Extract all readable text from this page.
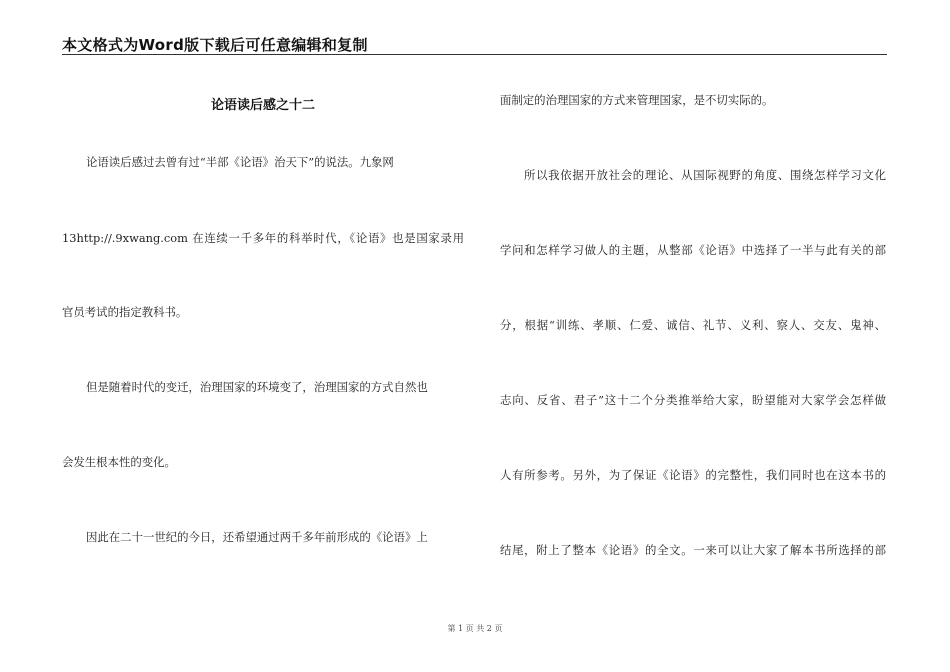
本文格式为Word版下载后可任意编辑和复制
论语读后感之十二
论语读后感过去曾有过“半部《论语》治天下”的说法。九象网
13http://.9xwang.com 在连续一千多年的科举时代，《论语》也是国家录用
官员考试的指定教科书。
但是随着时代的变迁，治理国家的环境变了，治理国家的方式自然也
会发生根本性的变化。
因此在二十一世纪的今日，还希望通过两千多年前形成的《论语》上
面制定的治理国家的方式来管理国家，是不切实际的。
所以我依据开放社会的理论、从国际视野的角度、围绕怎样学习文化
学问和怎样学习做人的主题，从整部《论语》中选择了一半与此有关的部
分，根据“训练、孝顺、仁爱、诚信、礼节、义利、察人、交友、鬼神、
志向、反省、君子”这十二个分类推举给大家，盼望能对大家学会怎样做
人有所参考。另外，为了保证《论语》的完整性，我们同时也在这本书的
结尾，附上了整本《论语》的全文。一来可以让大家了解本书所选择的部
第 1 页 共 2 页
